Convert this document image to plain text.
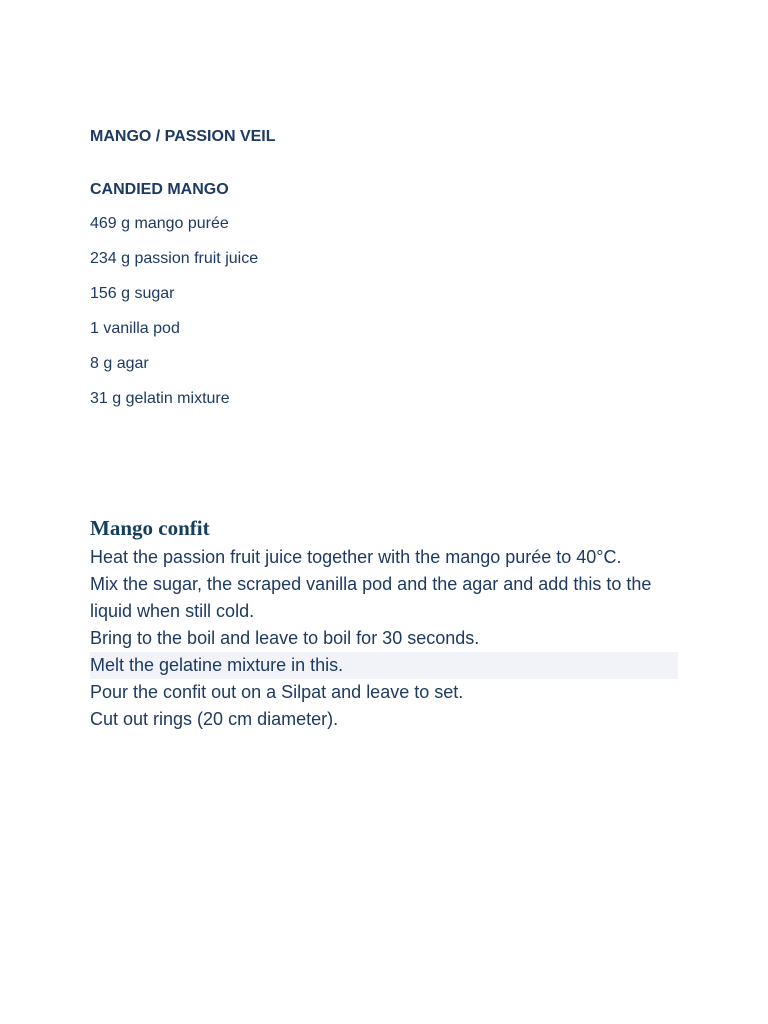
MANGO / PASSION VEIL
CANDIED MANGO
469 g mango purée
234 g passion fruit juice
156 g sugar
1 vanilla pod
8 g agar
31 g gelatin mixture
Mango confit
Heat the passion fruit juice together with the mango purée to 40°C.
Mix the sugar, the scraped vanilla pod and the agar and add this to the liquid when still cold.
Bring to the boil and leave to boil for 30 seconds.
Melt the gelatine mixture in this.
Pour the confit out on a Silpat and leave to set.
Cut out rings (20 cm diameter).
